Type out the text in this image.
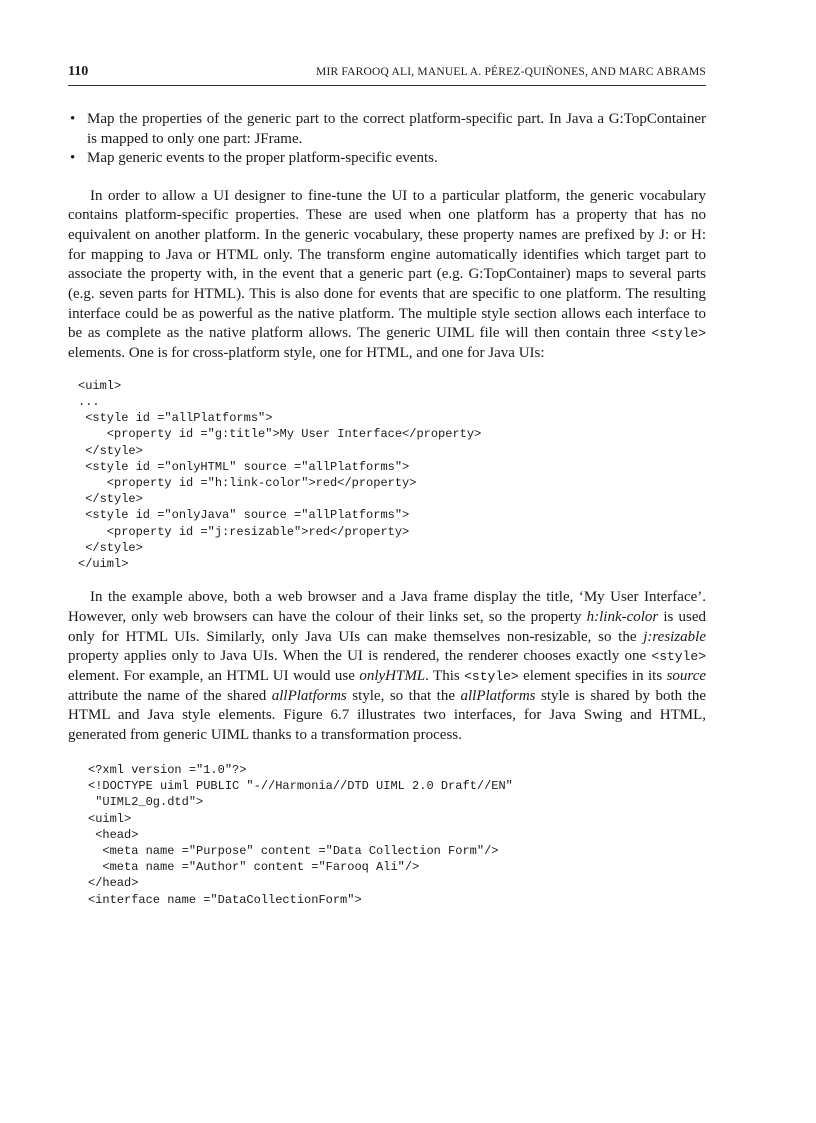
110	MIR FAROOQ ALI, MANUEL A. PÉREZ-QUIÑONES, AND MARC ABRAMS
• Map the properties of the generic part to the correct platform-specific part. In Java a G:TopContainer is mapped to only one part: JFrame.
• Map generic events to the proper platform-specific events.

In order to allow a UI designer to fine-tune the UI to a particular platform, the generic vocabulary contains platform-specific properties. These are used when one platform has a property that has no equivalent on another platform. In the generic vocabulary, these property names are prefixed by J: or H: for mapping to Java or HTML only. The transform engine automatically identifies which target part to associate the property with, in the event that a generic part (e.g. G:TopContainer) maps to several parts (e.g. seven parts for HTML). This is also done for events that are specific to one platform. The resulting interface could be as powerful as the native platform. The multiple style section allows each interface to be as complete as the native platform allows. The generic UIML file will then contain three <style> elements. One is for cross-platform style, one for HTML, and one for Java UIs:

<uiml>
...
<style id ="allPlatforms">
<property id ="g:title">My User Interface</property>
</style>
<style id ="onlyHTML" source ="allPlatforms">
<property id ="h:link-color">red</property>
</style>
<style id ="onlyJava" source ="allPlatforms">
<property id ="j:resizable">red</property>
</style>
</uiml>

In the example above, both a web browser and a Java frame display the title, ‘My User Interface’. However, only web browsers can have the colour of their links set, so the property h:link-color is used only for HTML UIs. Similarly, only Java UIs can make themselves non-resizable, so the j:resizable property applies only to Java UIs. When the UI is rendered, the renderer chooses exactly one <style> element. For example, an HTML UI would use onlyHTML. This <style> element specifies in its source attribute the name of the shared allPlatforms style, so that the allPlatforms style is shared by both the HTML and Java style elements. Figure 6.7 illustrates two interfaces, for Java Swing and HTML, generated from generic UIML thanks to a transformation process.

<?xml version ="1.0"?>
<!DOCTYPE uiml PUBLIC "-//Harmonia//DTD UIML 2.0 Draft//EN"
"UIML2_0g.dtd">
<uiml>
<head>
<meta name ="Purpose" content ="Data Collection Form"/>
<meta name ="Author" content ="Farooq Ali"/>
</head>
<interface name ="DataCollectionForm">
